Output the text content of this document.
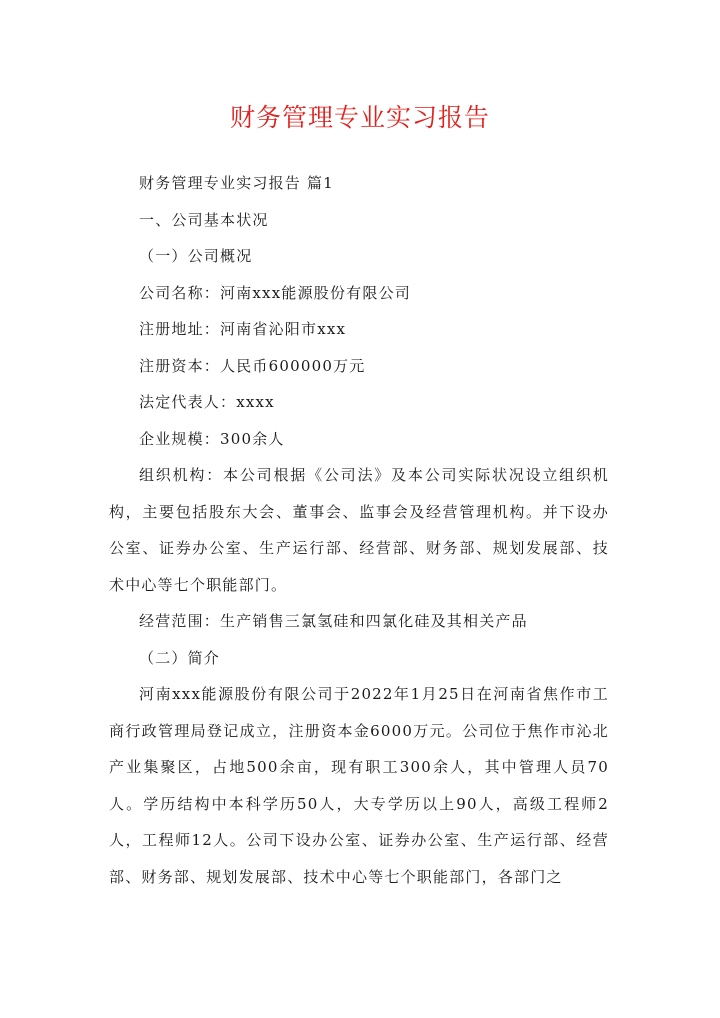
财务管理专业实习报告

财务管理专业实习报告 篇1

一、公司基本状况

（一）公司概况

公司名称：河南xxx能源股份有限公司

注册地址：河南省沁阳市xxx

注册资本：人民币600000万元

法定代表人：xxxx

企业规模：300余人

组织机构：本公司根据《公司法》及本公司实际状况设立组织机构，主要包括股东大会、董事会、监事会及经营管理机构。并下设办公室、证券办公室、生产运行部、经营部、财务部、规划发展部、技术中心等七个职能部门。

经营范围：生产销售三氯氢硅和四氯化硅及其相关产品

（二）简介

河南xxx能源股份有限公司于2022年1月25日在河南省焦作市工商行政管理局登记成立，注册资本金6000万元。公司位于焦作市沁北产业集聚区，占地500余亩，现有职工300余人，其中管理人员70人。学历结构中本科学历50人，大专学历以上90人，高级工程师2人，工程师12人。公司下设办公室、证券办公室、生产运行部、经营部、财务部、规划发展部、技术中心等七个职能部门，各部门之
